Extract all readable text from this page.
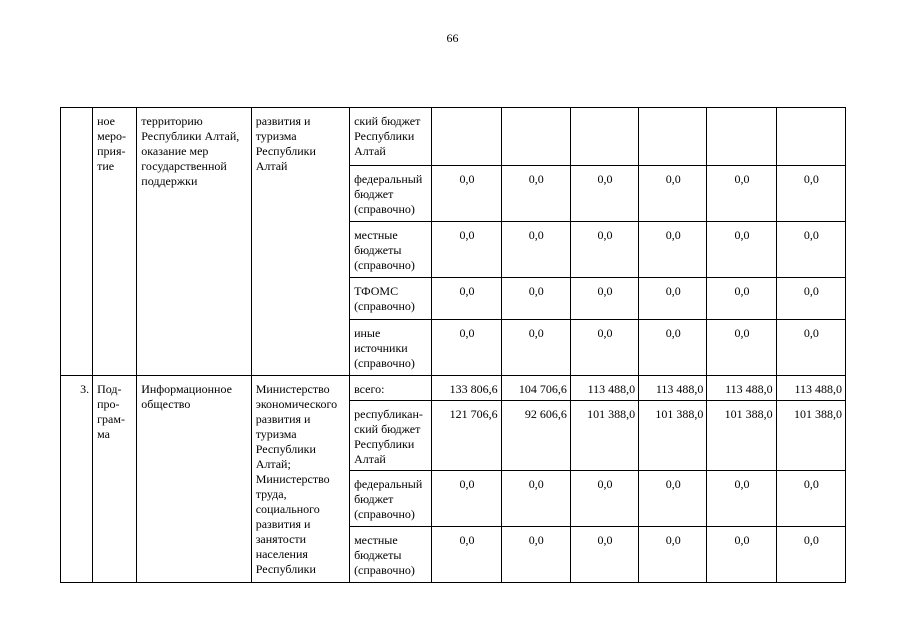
66
	ное
меро-
прия-
тие	территорию Республики Алтай, оказание мер государственной поддержки	развития и туризма Республики Алтай	ский бюджет Республики Алтай						
				федеральный бюджет (справочно)	0,0	0,0	0,0	0,0	0,0	0,0
				местные бюджеты (справочно)	0,0	0,0	0,0	0,0	0,0	0,0
				ТФОМС (справочно)	0,0	0,0	0,0	0,0	0,0	0,0
				иные источники (справочно)	0,0	0,0	0,0	0,0	0,0	0,0
3.	Под-
про-
грам-
ма	Информационное общество	Министерство экономического развития и туризма Республики Алтай; Министерство труда, социального развития и занятости населения Республики	всего:	133 806,6	104 706,6	113 488,0	113 488,0	113 488,0	113 488,0
				республикан-ский бюджет Республики Алтай	121 706,6	92 606,6	101 388,0	101 388,0	101 388,0	101 388,0
				федеральный бюджет (справочно)	0,0	0,0	0,0	0,0	0,0	0,0
				местные бюджеты (справочно)	0,0	0,0	0,0	0,0	0,0	0,0
